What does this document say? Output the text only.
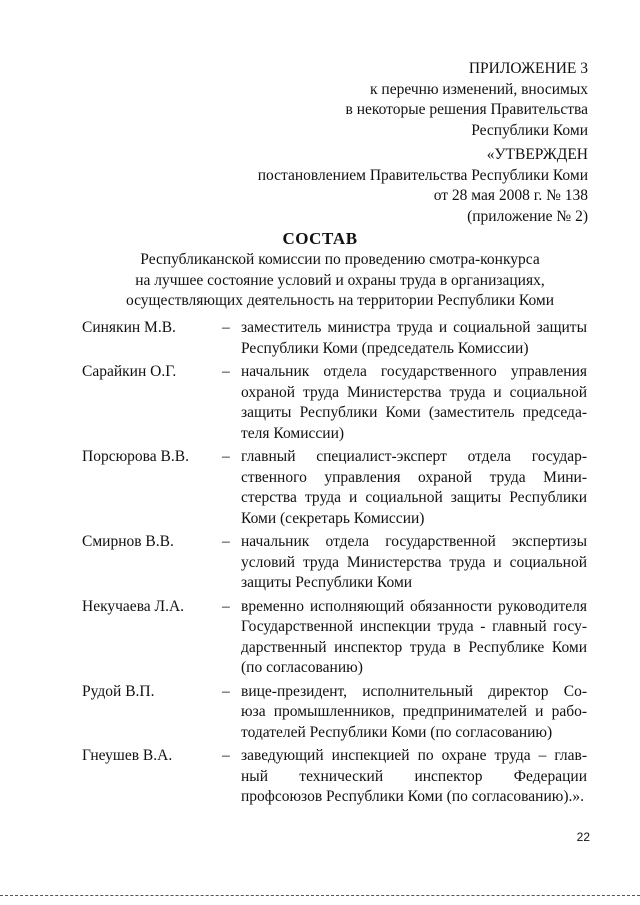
ПРИЛОЖЕНИЕ 3
к перечню изменений, вносимых
в некоторые решения Правительства
Республики Коми
«УТВЕРЖДЕН
постановлением Правительства Республики Коми
от 28 мая 2008 г. № 138
(приложение № 2)
СОСТАВ
Республиканской комиссии по проведению смотра-конкурса
на лучшее состояние условий и охраны труда в организациях,
осуществляющих деятельность на территории Республики Коми
Синякин М.В.	– заместитель министра труда и социальной защиты
Республики Коми (председатель Комиссии)
Сарайкин О.Г.	– начальник отдела государственного управления
охраной труда Министерства труда и социальной
защиты Республики Коми (заместитель председа-
теля Комиссии)
Порсюрова В.В.	– главный специалист-эксперт отдела государ-
ственного управления охраной труда Мини-
стерства труда и социальной защиты Республики
Коми (секретарь Комиссии)
Смирнов В.В.	– начальник отдела государственной экспертизы
условий труда Министерства труда и социальной
защиты Республики Коми
Некучаева Л.А.	– временно исполняющий обязанности руководителя
Государственной инспекции труда - главный госу-
дарственный инспектор труда в Республике Коми
(по согласованию)
Рудой В.П.	– вице-президент, исполнительный директор Со-
юза промышленников, предпринимателей и рабо-
тодателей Республики Коми (по согласованию)
Гнеушев В.А.	– заведующий инспекцией по охране труда – глав-
ный технический инспектор Федерации
профсоюзов Республики Коми (по согласованию).».
22
